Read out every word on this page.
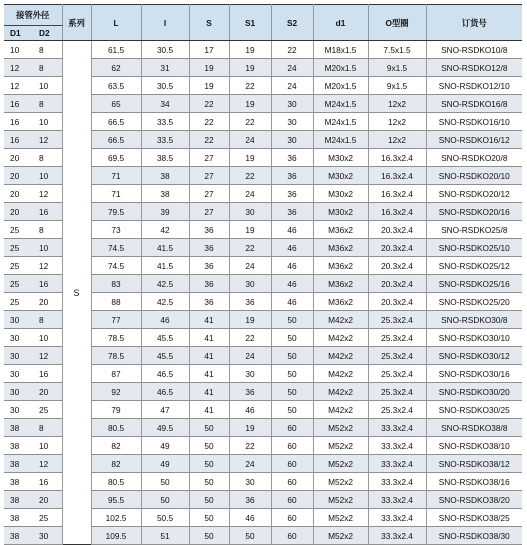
接管外径		系列	L	l	S	S1	S2	d1	O型圈	订货号
D1	D2									
10	8	S	61.5	30.5	17	19	22	M18x1.5	7.5x1.5	SNO-RSDKO10/8
12	8		62	31	19	19	24	M20x1.5	9x1.5	SNO-RSDKO12/8
12	10		63.5	30.5	19	22	24	M20x1.5	9x1.5	SNO-RSDKO12/10
16	8		65	34	22	19	30	M24x1.5	12x2	SNO-RSDKO16/8
16	10		66.5	33.5	22	22	30	M24x1.5	12x2	SNO-RSDKO16/10
16	12		66.5	33.5	22	24	30	M24x1.5	12x2	SNO-RSDKO16/12
20	8		69.5	38.5	27	19	36	M30x2	16.3x2.4	SNO-RSDKO20/8
20	10		71	38	27	22	36	M30x2	16.3x2.4	SNO-RSDKO20/10
20	12		71	38	27	24	36	M30x2	16.3x2.4	SNO-RSDKO20/12
20	16		79.5	39	27	30	36	M30x2	16.3x2.4	SNO-RSDKO20/16
25	8		73	42	36	19	46	M36x2	20.3x2.4	SNO-RSDKO25/8
25	10		74.5	41.5	36	22	46	M36x2	20.3x2.4	SNO-RSDKO25/10
25	12		74.5	41.5	36	24	46	M36x2	20.3x2.4	SNO-RSDKO25/12
25	16		83	42.5	36	30	46	M36x2	20.3x2.4	SNO-RSDKO25/16
25	20		88	42.5	36	36	46	M36x2	20.3x2.4	SNO-RSDKO25/20
30	8		77	46	41	19	50	M42x2	25.3x2.4	SNO-RSDKO30/8
30	10		78.5	45.5	41	22	50	M42x2	25.3x2.4	SNO-RSDKO30/10
30	12		78.5	45.5	41	24	50	M42x2	25.3x2.4	SNO-RSDKO30/12
30	16		87	46.5	41	30	50	M42x2	25.3x2.4	SNO-RSDKO30/16
30	20		92	46.5	41	36	50	M42x2	25.3x2.4	SNO-RSDKO30/20
30	25		79	47	41	46	50	M42x2	25.3x2.4	SNO-RSDKO30/25
38	8		80.5	49.5	50	19	60	M52x2	33.3x2.4	SNO-RSDKO38/8
38	10		82	49	50	22	60	M52x2	33.3x2.4	SNO-RSDKO38/10
38	12		82	49	50	24	60	M52x2	33.3x2.4	SNO-RSDKO38/12
38	16		80.5	50	50	30	60	M52x2	33.3x2.4	SNO-RSDKO38/16
38	20		95.5	50	50	36	60	M52x2	33.3x2.4	SNO-RSDKO38/20
38	25		102.5	50.5	50	46	60	M52x2	33.3x2.4	SNO-RSDKO38/25
38	30		109.5	51	50	50	60	M52x2	33.3x2.4	SNO-RSDKO38/30
